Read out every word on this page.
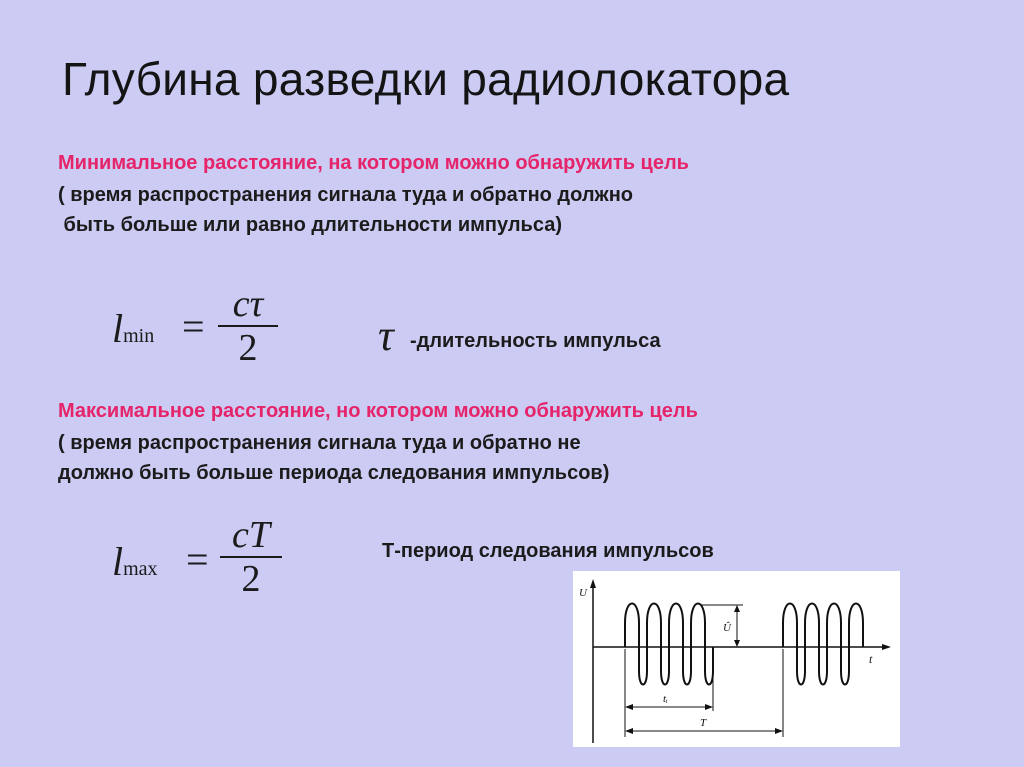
Глубина разведки радиолокатора
Минимальное расстояние, на котором можно обнаружить цель
( время распространения сигнала туда и обратно должно
быть больше или равно длительности импульса)
$lmin = \frac{c\tau}{2}$ τ -длительность импульса
Максимальное расстояние, но котором можно обнаружить цель
( время распространения сигнала туда и обратно не
должно быть больше периода следования импульсов)
$lmax = \frac{cT}{2}$	Т-период следования импульсов
U
t
Û
tᵢ
T
